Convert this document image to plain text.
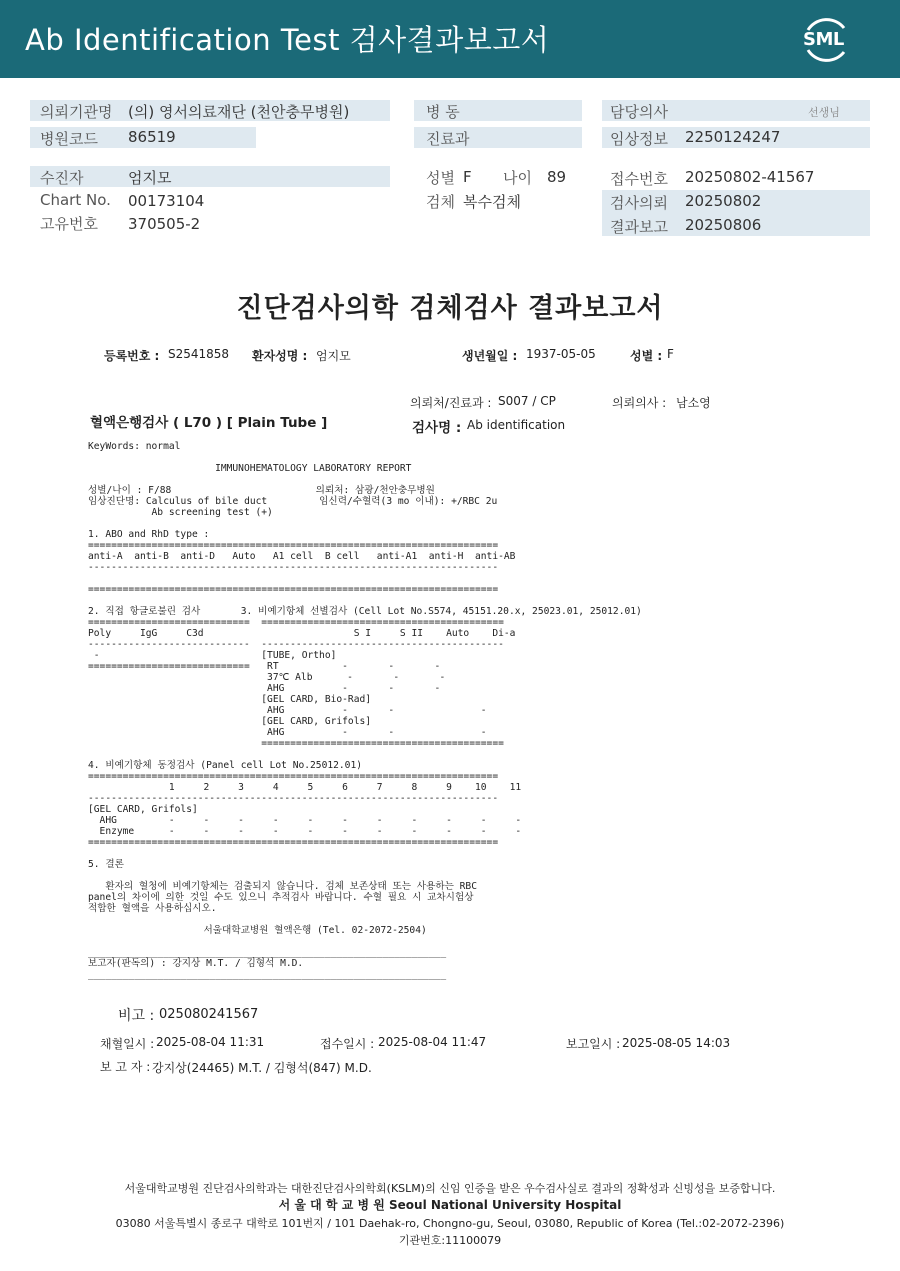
Ab Identification Test 검사결과보고서	SML
의뢰기관명 (의) 영서의료재단 (천안충무병원)
병원코드 86519
수진자	엄지모
Chart No. 00173104
고유번호 370505-2
병 동
진료과
성별 F 나이 89
검체 복수검체
담당의사	선생님
임상정보 2250124247
접수번호 20250802-41567
검사의뢰 20250802
결과보고 20250806
진단검사의학 검체검사 결과보고서
등록번호 : S2541858 환자성명 : 엄지모	생년월일 : 1937-05-05	성별 : F
의뢰처/진료과 : S007 / CP	의뢰의사 : 남소영
혈액은행검사 ( L70 ) [ Plain Tube ]	검사명 : Ab identification
KeyWords: normal
IMMUNOHEMATOLOGY LABORATORY REPORT

성별/나이 : F/88                         의뢰처: 삼광/천안충무병원
임상진단명: Calculus of bile duct         임신력/수혈력(3 mo 이내): +/RBC 2u
Ab screening test (+)

1. ABO and RhD type :
=======================================================================
anti-A  anti-B  anti-D   Auto   A1 cell  B cell   anti-A1  anti-H  anti-AB
-----------------------------------------------------------------------

=======================================================================

2. 직접 항글로불린 검사       3. 비예기항체 선별검사 (Cell Lot No.S574, 45151.20.x, 25023.01, 25012.01)
============================  ==========================================
Poly     IgG     C3d                          S I     S II    Auto    Di-a
----------------------------  ------------------------------------------
-                            [TUBE, Ortho]
============================   RT           -       -       -
37℃ Alb      -       -       -
AHG          -       -       -
[GEL CARD, Bio-Rad]
AHG          -       -               -
[GEL CARD, Grifols]
AHG          -       -               -
==========================================

4. 비예기항체 동정검사 (Panel cell Lot No.25012.01)
=======================================================================
1     2     3     4     5     6     7     8     9    10    11
-----------------------------------------------------------------------
[GEL CARD, Grifols]
AHG         -     -     -     -     -     -     -     -     -     -     -
Enzyme      -     -     -     -     -     -     -     -     -     -     -
=======================================================================

5. 결론

환자의 혈청에 비예기항체는 검출되지 않습니다. 검체 보존상태 또는 사용하는 RBC
panel의 차이에 의한 것일 수도 있으니 추적검사 바랍니다. 수혈 필요 시 교차시험상
적합한 혈액을 사용하십시오.

서울대학교병원 혈액은행 (Tel. 02-2072-2504)

______________________________________________________________
보고자(판독의) : 강지상 M.T. / 김형석 M.D.
______________________________________________________________
비고 : 025080241567
채혈일시 : 2025-08-04 11:31	접수일시 : 2025-08-04 11:47	보고일시 : 2025-08-05 14:03
보 고 자 : 강지상(24465) M.T. / 김형석(847) M.D.
서울대학교병원 진단검사의학과는 대한진단검사의학회(KSLM)의 신임 인증을 받은 우수검사실로 결과의 정확성과 신빙성을 보증합니다.
서 울 대 학 교 병 원 Seoul National University Hospital
03080 서울특별시 종로구 대학로 101번지 / 101 Daehak-ro, Chongno-gu, Seoul, 03080, Republic of Korea (Tel.:02-2072-2396)
기관번호:11100079
